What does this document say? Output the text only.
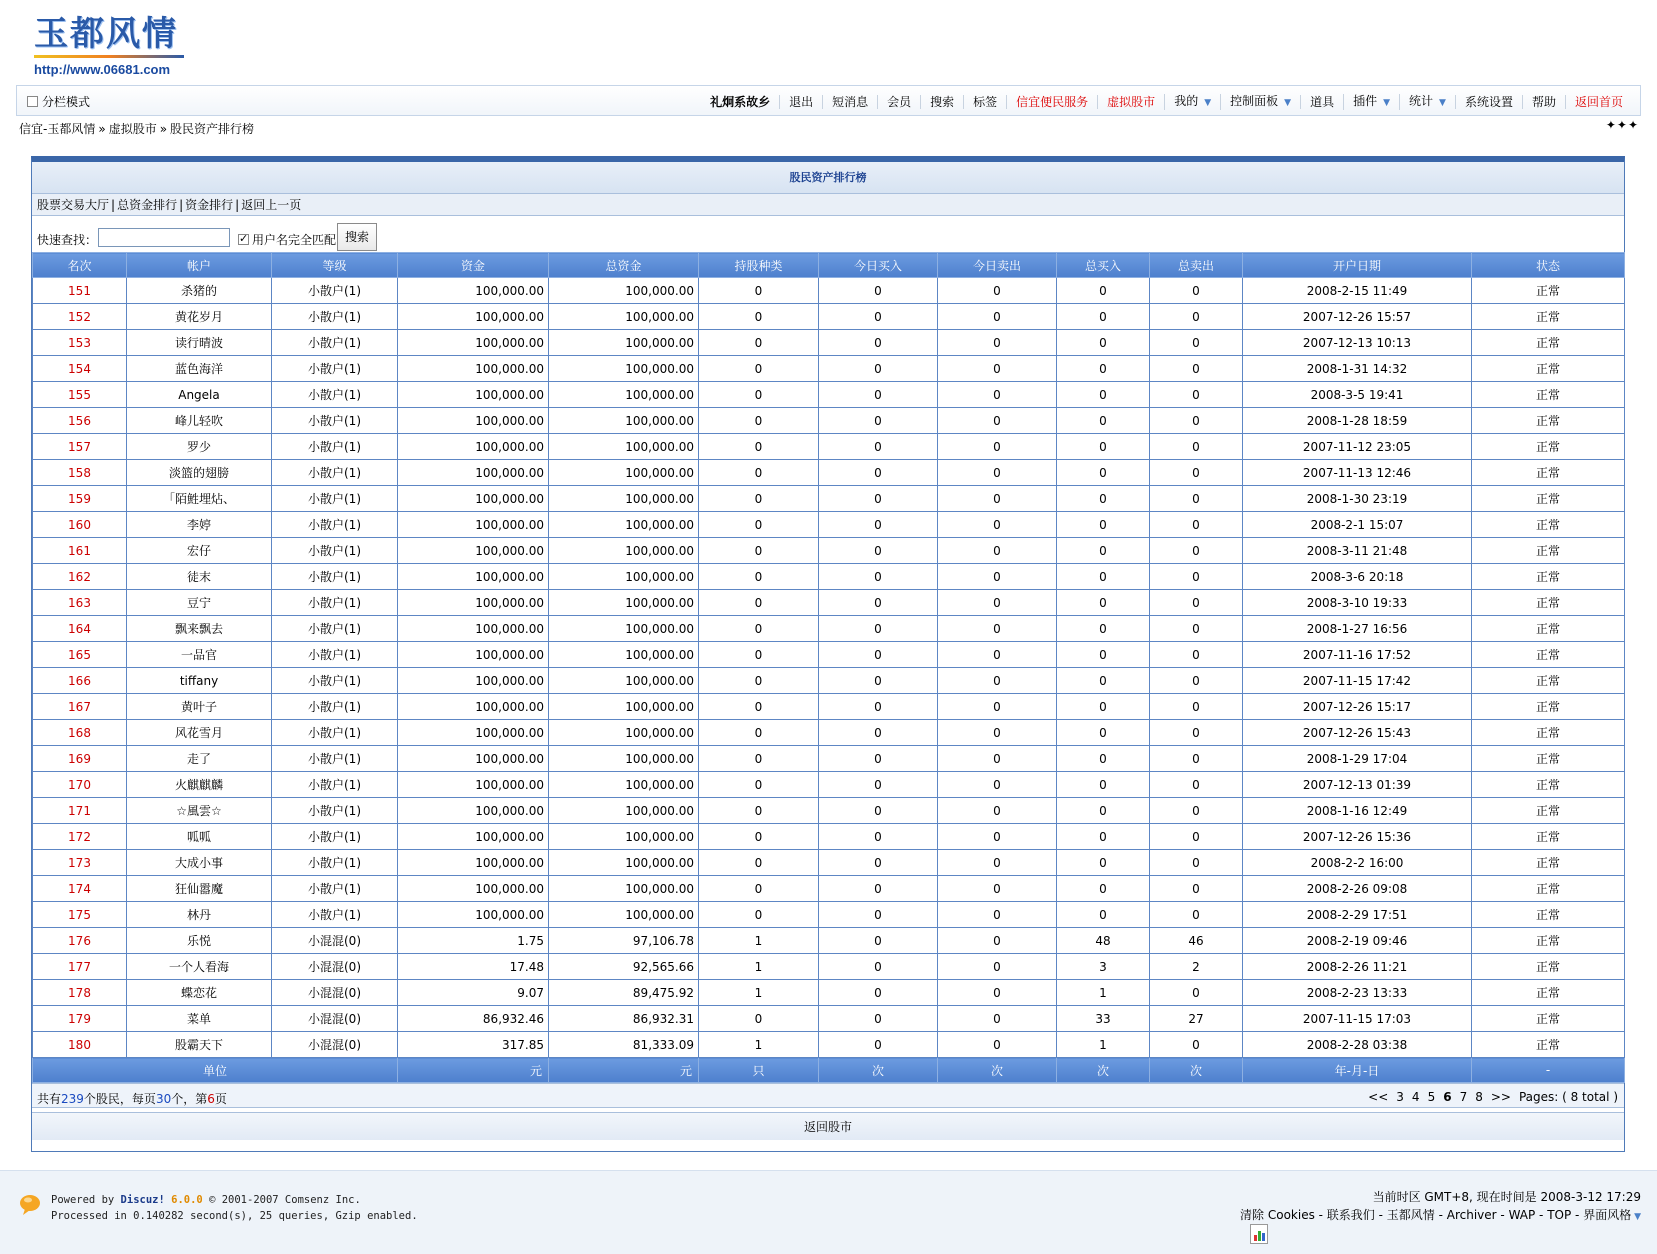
玉都风情
http://www.06681.com
分栏模式	礼炯系故乡	退出	短消息	会员	搜索	标签	信宜便民服务	虚拟股市	我的 ▼	控制面板 ▼	道具	插件 ▼	统计 ▼	系统设置	帮助	返回首页
信宜-玉都风情 » 虚拟股市 » 股民资产排行榜	✦✦✦
股民资产排行榜
股票交易大厅 | 总资金排行 | 资金排行 | 返回上一页
快速查找： ✓	用户名完全匹配 搜索
名次	帐户	等级	资金	总资金	持股种类	今日买入	今日卖出	总买入	总卖出	开户日期	状态
151	杀猪的	小散户(1)	100,000.00	100,000.00	0	0	0	0	0	2008-2-15 11:49	正常
152	黄花岁月	小散户(1)	100,000.00	100,000.00	0	0	0	0	0	2007-12-26 15:57	正常
153	读行晴波	小散户(1)	100,000.00	100,000.00	0	0	0	0	0	2007-12-13 10:13	正常
154	蓝色海洋	小散户(1)	100,000.00	100,000.00	0	0	0	0	0	2008-1-31 14:32	正常
155	Angela	小散户(1)	100,000.00	100,000.00	0	0	0	0	0	2008-3-5 19:41	正常
156	峰儿轻吹	小散户(1)	100,000.00	100,000.00	0	0	0	0	0	2008-1-28 18:59	正常
157	罗少	小散户(1)	100,000.00	100,000.00	0	0	0	0	0	2007-11-12 23:05	正常
158	淡篮的翅膀	小散户(1)	100,000.00	100,000.00	0	0	0	0	0	2007-11-13 12:46	正常
159	「陌鮏埋炶、	小散户(1)	100,000.00	100,000.00	0	0	0	0	0	2008-1-30 23:19	正常
160	李婷	小散户(1)	100,000.00	100,000.00	0	0	0	0	0	2008-2-1 15:07	正常
161	宏仔	小散户(1)	100,000.00	100,000.00	0	0	0	0	0	2008-3-11 21:48	正常
162	徒末	小散户(1)	100,000.00	100,000.00	0	0	0	0	0	2008-3-6 20:18	正常
163	豆宁	小散户(1)	100,000.00	100,000.00	0	0	0	0	0	2008-3-10 19:33	正常
164	飘来飘去	小散户(1)	100,000.00	100,000.00	0	0	0	0	0	2008-1-27 16:56	正常
165	一品官	小散户(1)	100,000.00	100,000.00	0	0	0	0	0	2007-11-16 17:52	正常
166	tiffany	小散户(1)	100,000.00	100,000.00	0	0	0	0	0	2007-11-15 17:42	正常
167	黄叶子	小散户(1)	100,000.00	100,000.00	0	0	0	0	0	2007-12-26 15:17	正常
168	风花雪月	小散户(1)	100,000.00	100,000.00	0	0	0	0	0	2007-12-26 15:43	正常
169	走了	小散户(1)	100,000.00	100,000.00	0	0	0	0	0	2008-1-29 17:04	正常
170	火麒麒麟	小散户(1)	100,000.00	100,000.00	0	0	0	0	0	2007-12-13 01:39	正常
171	☆風雲☆	小散户(1)	100,000.00	100,000.00	0	0	0	0	0	2008-1-16 12:49	正常
172	呱呱	小散户(1)	100,000.00	100,000.00	0	0	0	0	0	2007-12-26 15:36	正常
173	大成小事	小散户(1)	100,000.00	100,000.00	0	0	0	0	0	2008-2-2 16:00	正常
174	狂仙嚣魔	小散户(1)	100,000.00	100,000.00	0	0	0	0	0	2008-2-26 09:08	正常
175	林丹	小散户(1)	100,000.00	100,000.00	0	0	0	0	0	2008-2-29 17:51	正常
176	乐悦	小混混(0)	1.75	97,106.78	1	0	0	48	46	2008-2-19 09:46	正常
177	一个人看海	小混混(0)	17.48	92,565.66	1	0	0	3	2	2008-2-26 11:21	正常
178	蝶恋花	小混混(0)	9.07	89,475.92	1	0	0	1	0	2008-2-23 13:33	正常
179	菜单	小混混(0)	86,932.46	86,932.31	0	0	0	33	27	2007-11-15 17:03	正常
180	股霸天下	小混混(0)	317.85	81,333.09	1	0	0	1	0	2008-2-28 03:38	正常
单位			元	元	只	次	次	次	次	年-月-日	-
共有239个股民，每页30个，第6页	<< 3 4 5 6 7 8 >> Pages: ( 8 total )
返回股市
Powered by Discuz! 6.0.0 © 2001-2007 Comsenz Inc.
Processed in 0.140282 second(s), 25 queries, Gzip enabled.
当前时区 GMT+8, 现在时间是 2008-3-12 17:29
清除 Cookies - 联系我们 - 玉都风情 - Archiver - WAP - TOP - 界面风格 ▼
